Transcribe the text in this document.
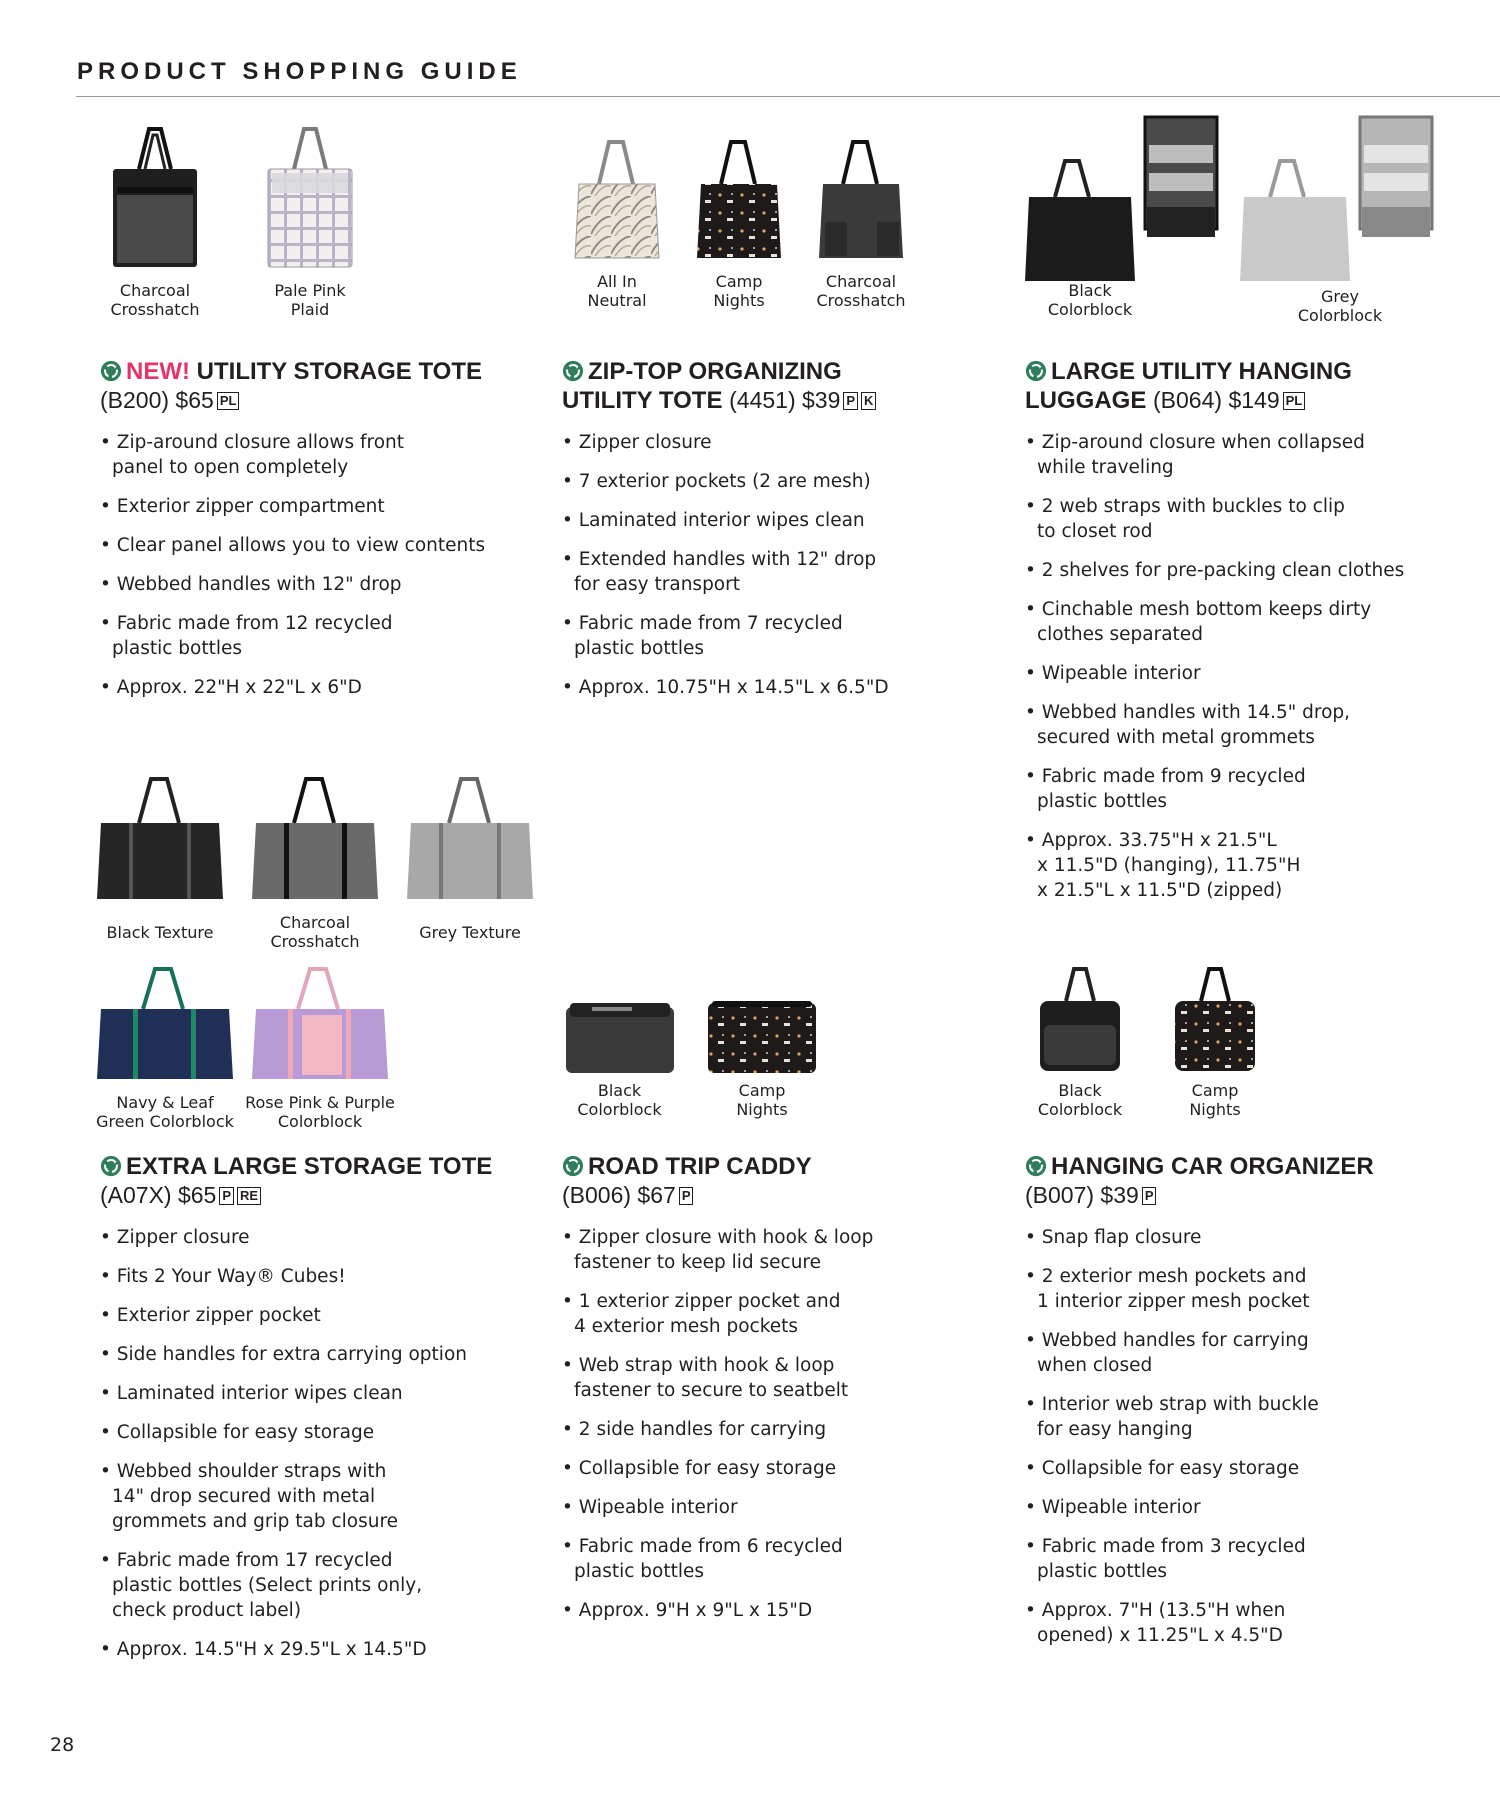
PRODUCT SHOPPING GUIDE
Charcoal
Crosshatch
Pale Pink
Plaid
NEW! UTILITY STORAGE TOTE
(B200) $65 PL
• Zip-around closure allows front
panel to open completely
• Exterior zipper compartment
• Clear panel allows you to view contents
• Webbed handles with 12" drop
• Fabric made from 12 recycled
plastic bottles
• Approx. 22"H x 22"L x 6"D
All In
Neutral
Camp
Nights
Charcoal
Crosshatch
ZIP-TOP ORGANIZING
UTILITY TOTE (4451) $39 P K
• Zipper closure
• 7 exterior pockets (2 are mesh)
• Laminated interior wipes clean
• Extended handles with 12" drop
for easy transport
• Fabric made from 7 recycled
plastic bottles
• Approx. 10.75"H x 14.5"L x 6.5"D
Black
Colorblock
Grey
Colorblock
LARGE UTILITY HANGING
LUGGAGE (B064) $149 PL
• Zip-around closure when collapsed
while traveling
• 2 web straps with buckles to clip
to closet rod
• 2 shelves for pre-packing clean clothes
• Cinchable mesh bottom keeps dirty
clothes separated
• Wipeable interior
• Webbed handles with 14.5" drop,
secured with metal grommets
• Fabric made from 9 recycled
plastic bottles
• Approx. 33.75"H x 21.5"L
x 11.5"D (hanging), 11.75"H
x 21.5"L x 11.5"D (zipped)
Black Texture
Charcoal
Crosshatch	Grey Texture
Navy & Leaf
Green Colorblock
Rose Pink & Purple
Colorblock
EXTRA LARGE STORAGE TOTE
(A07X) $65 P RE
• Zipper closure
• Fits 2 Your Way® Cubes!
• Exterior zipper pocket
• Side handles for extra carrying option
• Laminated interior wipes clean
• Collapsible for easy storage
• Webbed shoulder straps with
14" drop secured with metal
grommets and grip tab closure
• Fabric made from 17 recycled
plastic bottles (Select prints only,
check product label)
• Approx. 14.5"H x 29.5"L x 14.5"D
Black
Colorblock
Camp
Nights
ROAD TRIP CADDY
(B006) $67 P
• Zipper closure with hook & loop
fastener to keep lid secure
• 1 exterior zipper pocket and
4 exterior mesh pockets
• Web strap with hook & loop
fastener to secure to seatbelt
• 2 side handles for carrying
• Collapsible for easy storage
• Wipeable interior
• Fabric made from 6 recycled
plastic bottles
• Approx. 9"H x 9"L x 15"D
Black
Colorblock
Camp
Nights
HANGING CAR ORGANIZER
(B007) $39 P
• Snap flap closure
• 2 exterior mesh pockets and
1 interior zipper mesh pocket
• Webbed handles for carrying
when closed
• Interior web strap with buckle
for easy hanging
• Collapsible for easy storage
• Wipeable interior
• Fabric made from 3 recycled
plastic bottles
• Approx. 7"H (13.5"H when
opened) x 11.25"L x 4.5"D
28
